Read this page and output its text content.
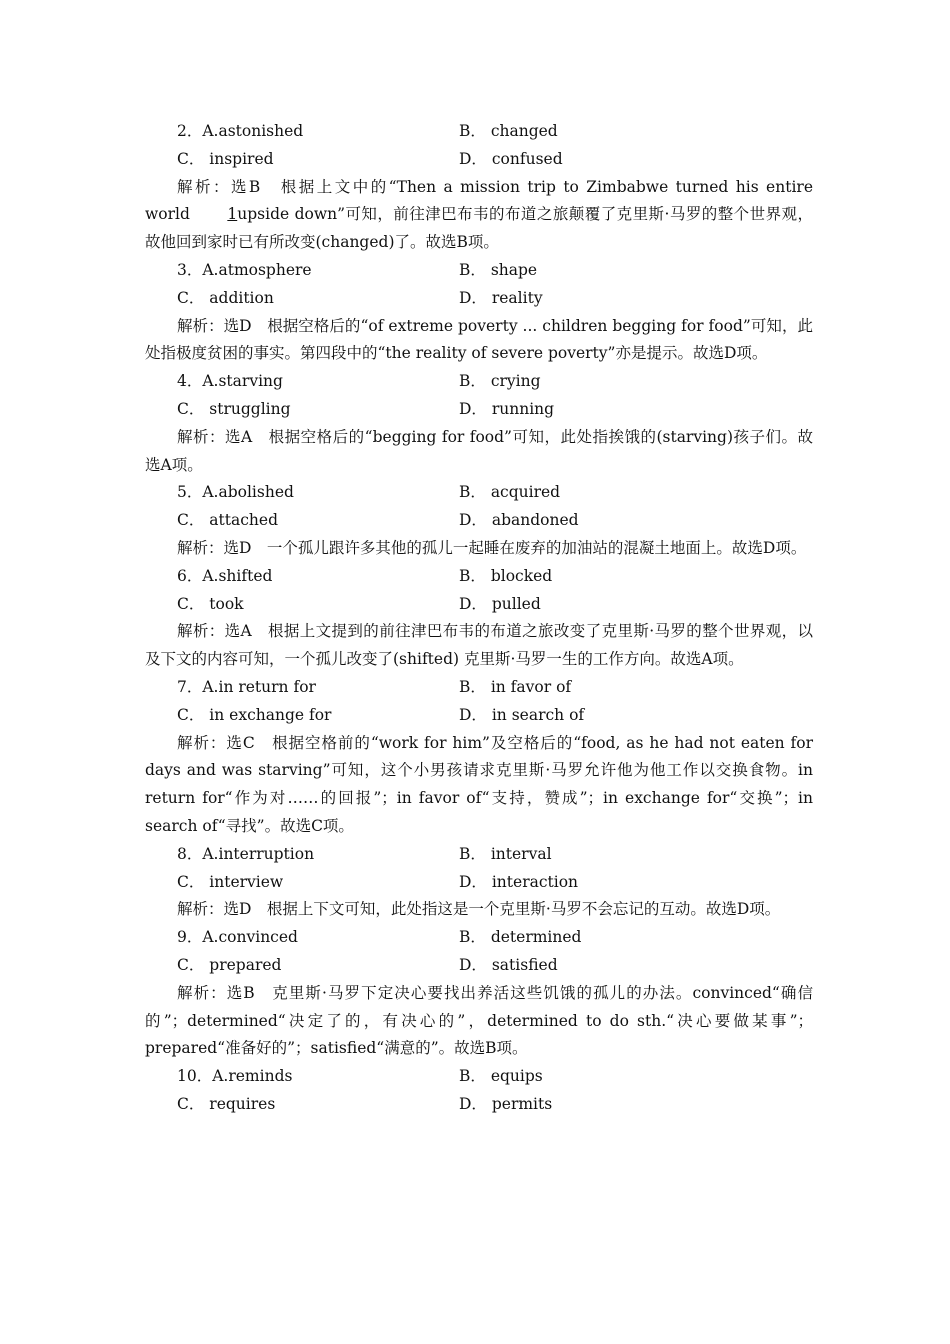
2．A.astonished	B． changed
C． inspired	D． confused

解析：选B　根据上文中的“Then a mission trip to Zimbabwe turned his entire world 1upside down”可知，前往津巴布韦的布道之旅颠覆了克里斯·马罗的整个世界观，故他回到家时已有所改变(changed)了。故选B项。

3．A.atmosphere	B． shape
C． addition	D． reality

解析：选D　根据空格后的“of extreme poverty ... children begging for food”可知，此处指极度贫困的事实。第四段中的“the reality of severe poverty”亦是提示。故选D项。

4．A.starving	B． crying
C． struggling	D． running

解析：选A　根据空格后的“begging for food”可知，此处指挨饿的(starving)孩子们。故选A项。

5．A.abolished	B． acquired
C． attached	D． abandoned

解析：选D　一个孤儿跟许多其他的孤儿一起睡在废弃的加油站的混凝土地面上。故选D项。

6．A.shifted	B． blocked
C． took	D． pulled

解析：选A　根据上文提到的前往津巴布韦的布道之旅改变了克里斯·马罗的整个世界观，以及下文的内容可知，一个孤儿改变了(shifted) 克里斯·马罗一生的工作方向。故选A项。

7．A.in return for	B． in favor of
C． in exchange for	D． in search of

解析：选C　根据空格前的“work for him”及空格后的“food, as he had not eaten for days and was starving”可知，这个小男孩请求克里斯·马罗允许他为他工作以交换食物。in return for“作为对……的回报”；in favor of“支持，赞成”；in exchange for“交换”；in search of“寻找”。故选C项。

8．A.interruption	B． interval
C． interview	D． interaction

解析：选D　根据上下文可知，此处指这是一个克里斯·马罗不会忘记的互动。故选D项。

9．A.convinced	B． determined
C． prepared	D． satisfied

解析：选B　克里斯·马罗下定决心要找出养活这些饥饿的孤儿的办法。convinced“确信的”；determined“决定了的，有决心的”，determined to do sth.“决心要做某事”；prepared“准备好的”；satisfied“满意的”。故选B项。

10．A.reminds	B． equips
C． requires	D． permits
